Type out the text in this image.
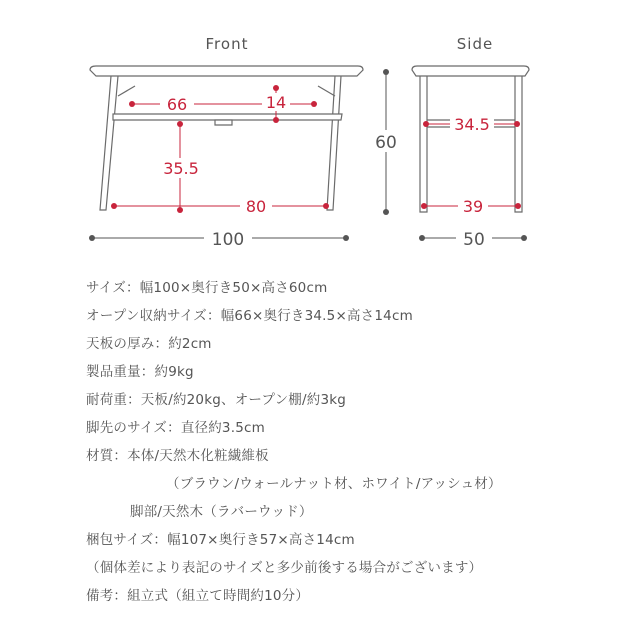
Front	Side
66	14
35.5
80
100
60
34.5
39
50
サイズ：幅100×奥行き50×高さ60cm
オープン収納サイズ：幅66×奥行き34.5×高さ14cm
天板の厚み：約2cm
製品重量：約9kg
耐荷重：天板/約20kg、オープン棚/約3kg
脚先のサイズ：直径約3.5cm
材質：本体/天然木化粧繊維板
（ブラウン/ウォールナット材、ホワイト/アッシュ材）
脚部/天然木（ラバーウッド）
梱包サイズ：幅107×奥行き57×高さ14cm
（個体差により表記のサイズと多少前後する場合がございます）
備考：組立式（組立て時間約10分）
